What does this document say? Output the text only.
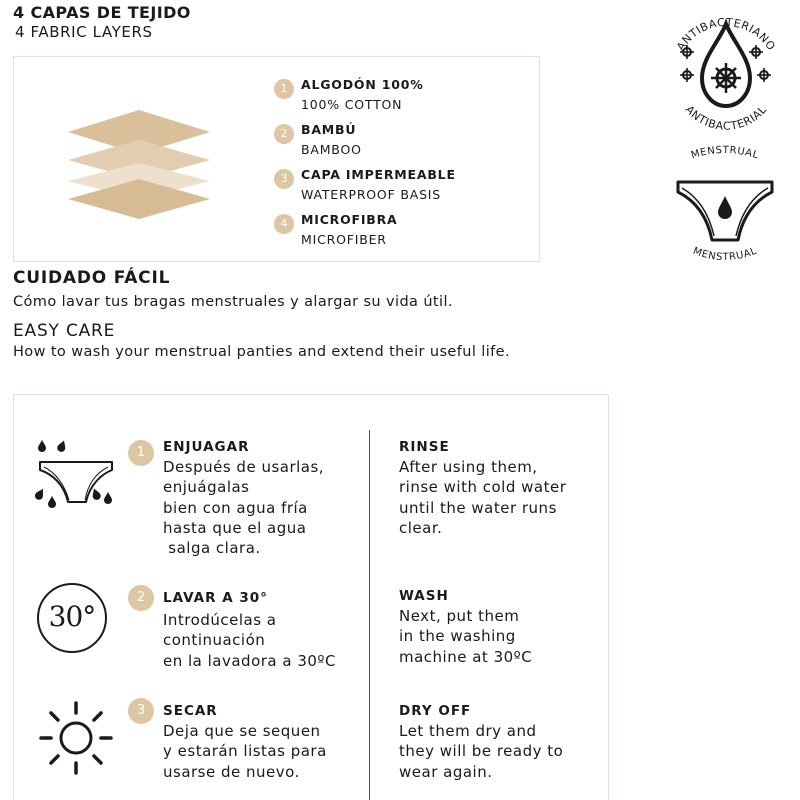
4 CAPAS DE TEJIDO
4 FABRIC LAYERS
1	ALGODÓN 100%
100% COTTON
2	BAMBÚ
BAMBOO
3	CAPA IMPERMEABLE
WATERPROOF BASIS
4	MICROFIBRA
MICROFIBER
ANTIBACTERIANO
ANTIBACTERIAL
MENSTRUAL
MENSTRUAL
CUIDADO FÁCIL
Cómo lavar tus bragas menstruales y alargar su vida útil.
EASY CARE
How to wash your menstrual panties and extend their useful life.
1	ENJUAGAR
Después de usarlas,
enjuágalas
bien con agua fría
hasta que el agua
salga clara.
RINSE
After using them,
rinse with cold water
until the water runs
clear.
30°
2	LAVAR A 30°
Introdúcelas a
continuación
en la lavadora a 30ºC
WASH
Next, put them
in the washing
machine at 30ºC
3	SECAR
Deja que se sequen
y estarán listas para
usarse de nuevo.
DRY OFF
Let them dry and
they will be ready to
wear again.
